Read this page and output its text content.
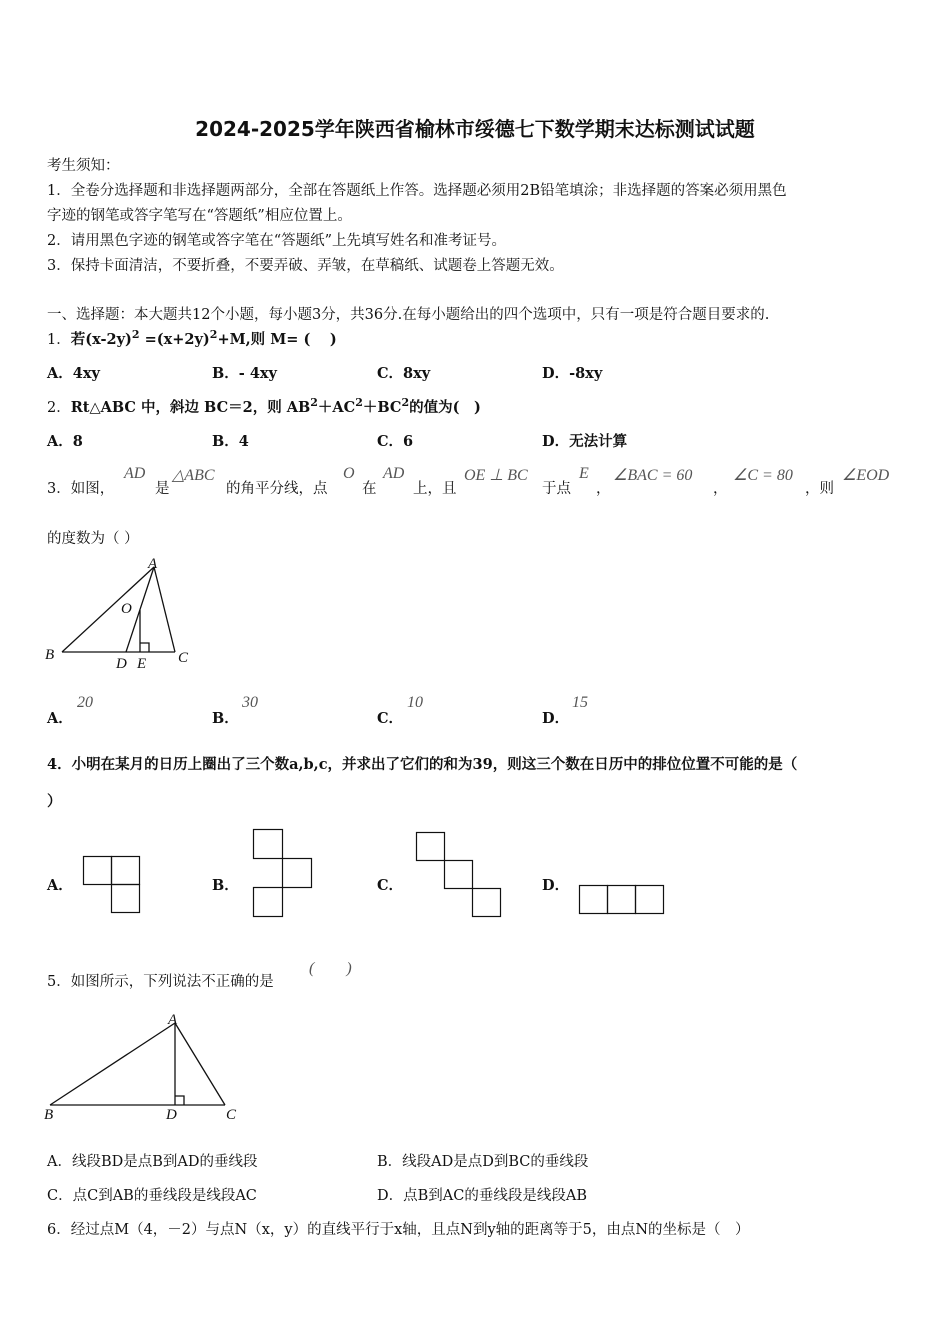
2024-2025学年陕西省榆林市绥德七下数学期末达标测试试题
考生须知：
1．全卷分选择题和非选择题两部分，全部在答题纸上作答。选择题必须用2B铅笔填涂；非选择题的答案必须用黑色
字迹的钢笔或答字笔写在“答题纸”相应位置上。
2．请用黑色字迹的钢笔或答字笔在“答题纸”上先填写姓名和准考证号。
3．保持卡面清洁，不要折叠，不要弄破、弄皱，在草稿纸、试题卷上答题无效。
一、选择题：本大题共12个小题，每小题3分，共36分.在每小题给出的四个选项中，只有一项是符合题目要求的.
1．若$(x-2y)^2 =(x+2y)^2+M$,则 M= (　 )
A．4xy	B．- 4xy	C．8xy	D．-8xy
2．Rt△ABC 中，斜边 BC＝2，则 $AB^2+AC^2+BC^2$的值为(　)
A．8	B．4	C．6	D．无法计算
3．如图，
AD
是
△ABC
的角平分线，点
O
在
AD
上，且
OE ⊥ BC
于点
E
，
∠BAC = 60
，
∠C = 80
，则
∠EOD
的度数为（ ）
A
O
B
D E C
A．
20
B．
30
C．
10
D．
15
4．小明在某月的日历上圈出了三个数a,b,c，并求出了它们的和为39，则这三个数在日历中的排位位置不可能的是（
）
A．	B．	C．	D．
5．如图所示，下列说法不正确的是
(　　)
A
B	D	C
A．线段BD是点B到AD的垂线段	B．线段AD是点D到BC的垂线段
C．点C到AB的垂线段是线段AC	D．点B到AC的垂线段是线段AB
6．经过点M（4，－2）与点N（x，y）的直线平行于x轴，且点N到y轴的距离等于5，由点N的坐标是（　）
